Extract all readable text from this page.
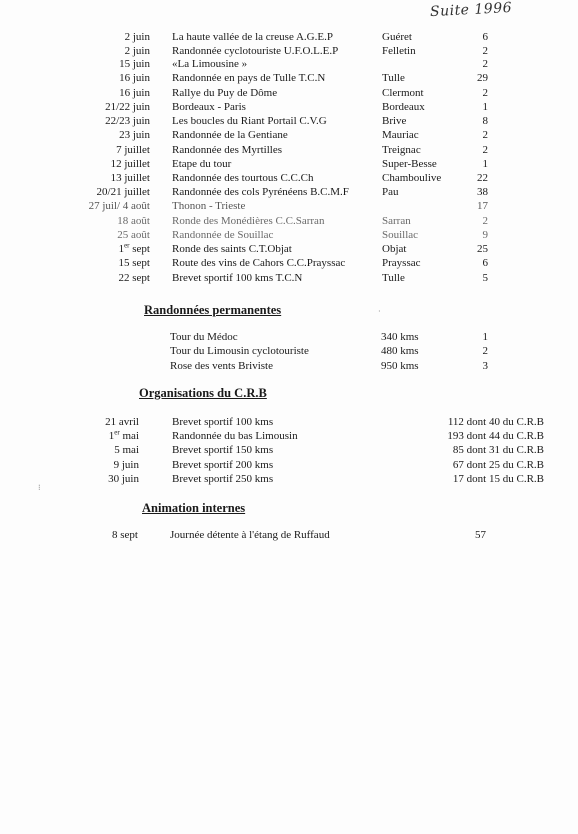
Suite 1996
2 juin La haute vallée de la creuse A.G.E.P	Guéret	6
2 juin Randonnée cyclotouriste U.F.O.L.E.P	Felletin	2
15 juin «La Limousine »	2
16 juin Randonnée en pays de Tulle T.C.N	Tulle	29
16 juin Rallye du Puy de Dôme	Clermont	2
21/22 juin Bordeaux - Paris	Bordeaux	1
22/23 juin Les boucles du Riant Portail C.V.G	Brive	8
23 juin Randonnée de la Gentiane	Mauriac	2
7 juillet Randonnée des Myrtilles	Treignac	2
12 juillet Etape du tour	Super-Besse	1
13 juillet Randonnée des tourtous C.C.Ch	Chamboulive	22
20/21 juillet Randonnée des cols Pyrénéens B.C.M.F	Pau	38
27 juil/ 4 août Thonon - Trieste	17
18 août Ronde des Monédières C.C.Sarran	Sarran	2
25 août Randonnée de Souillac	Souillac	9
1er sept Ronde des saints C.T.Objat	Objat	25
15 sept Route des vins de Cahors C.C.Prayssac	Prayssac	6
22 sept Brevet sportif 100 kms T.C.N	Tulle	5
Randonnées permanentes
Tour du Médoc	340 kms	1
Tour du Limousin cyclotouriste	480 kms	2
Rose des vents Briviste	950 kms	3
Organisations du C.R.B
21 avril	Brevet sportif 100 kms	112 dont 40 du C.R.B
1er mai	Randonnée du bas Limousin	193 dont 44 du C.R.B
5 mai	Brevet sportif 150 kms	85 dont 31 du C.R.B
9 juin	Brevet sportif 200 kms	67 dont 25 du C.R.B
30 juin	Brevet sportif 250 kms	17 dont 15 du C.R.B
Animation internes
8 sept	Journée détente à l'étang de Ruffaud	57
·
⁝
